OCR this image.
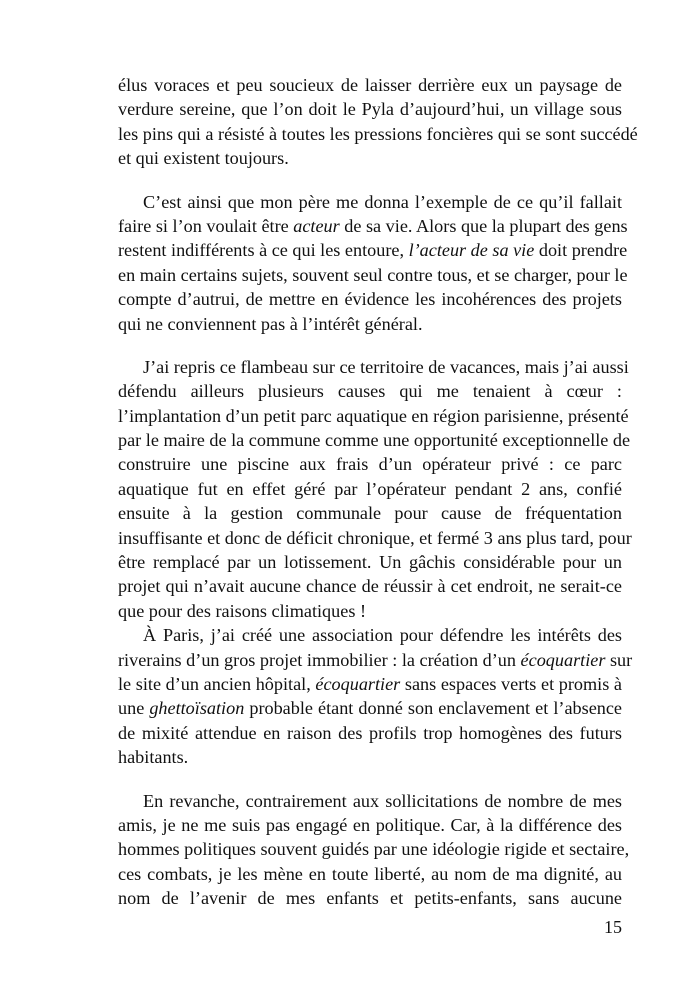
élus voraces et peu soucieux de laisser derrière eux un paysage de
verdure sereine, que l’on doit le Pyla d’aujourd’hui, un village sous
les pins qui a résisté à toutes les pressions foncières qui se sont succédé
et qui existent toujours.
C’est ainsi que mon père me donna l’exemple de ce qu’il fallait
faire si l’on voulait être acteur de sa vie. Alors que la plupart des gens
restent indifférents à ce qui les entoure, l’acteur de sa vie doit prendre
en main certains sujets, souvent seul contre tous, et se charger, pour le
compte d’autrui, de mettre en évidence les incohérences des projets
qui ne conviennent pas à l’intérêt général.
J’ai repris ce flambeau sur ce territoire de vacances, mais j’ai aussi
défendu ailleurs plusieurs causes qui me tenaient à cœur :
l’implantation d’un petit parc aquatique en région parisienne, présenté
par le maire de la commune comme une opportunité exceptionnelle de
construire une piscine aux frais d’un opérateur privé : ce parc
aquatique fut en effet géré par l’opérateur pendant 2 ans, confié
ensuite à la gestion communale pour cause de fréquentation
insuffisante et donc de déficit chronique, et fermé 3 ans plus tard, pour
être remplacé par un lotissement. Un gâchis considérable pour un
projet qui n’avait aucune chance de réussir à cet endroit, ne serait-ce
que pour des raisons climatiques !
À Paris, j’ai créé une association pour défendre les intérêts des
riverains d’un gros projet immobilier : la création d’un écoquartier sur
le site d’un ancien hôpital, écoquartier sans espaces verts et promis à
une ghettoïsation probable étant donné son enclavement et l’absence
de mixité attendue en raison des profils trop homogènes des futurs
habitants.
En revanche, contrairement aux sollicitations de nombre de mes
amis, je ne me suis pas engagé en politique. Car, à la différence des
hommes politiques souvent guidés par une idéologie rigide et sectaire,
ces combats, je les mène en toute liberté, au nom de ma dignité, au
nom de l’avenir de mes enfants et petits-enfants, sans aucune
15
